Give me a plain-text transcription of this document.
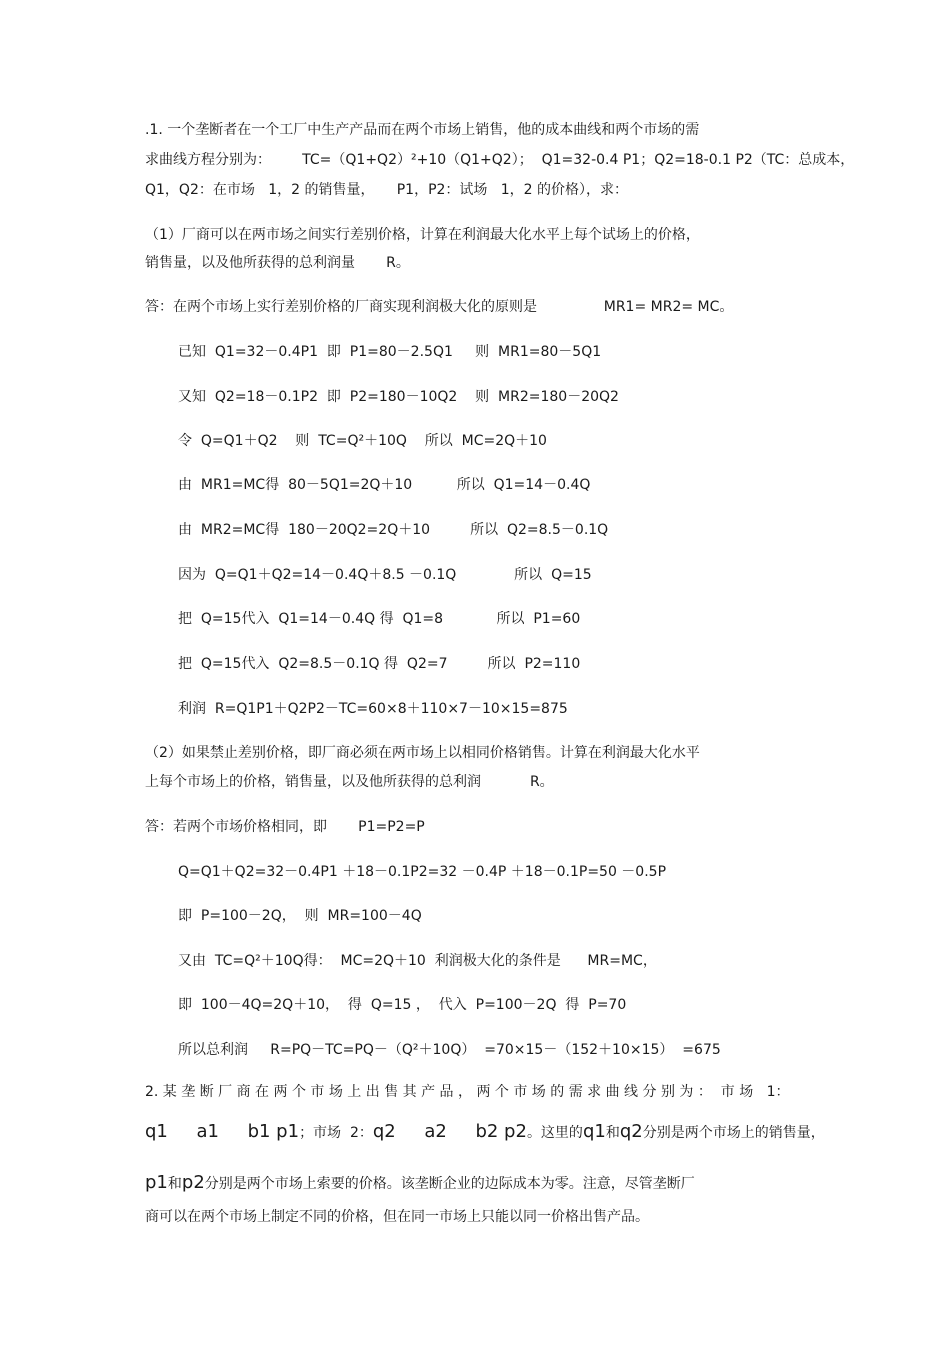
.1. 一个垄断者在一个工厂中生产产品而在两个市场上销售，他的成本曲线和两个市场的需

求曲线方程分别为：       TC=（Q1+Q2）²+10（Q1+Q2）；  Q1=32-0.4 P1；Q2=18-0.1 P2（TC：总成本，

Q1，Q2：在市场   1，2 的销售量，     P1，P2：试场   1，2 的价格），求：

（1）厂商可以在两市场之间实行差别价格，计算在利润最大化水平上每个试场上的价格，

销售量，以及他所获得的总利润量       R。

答：在两个市场上实行差别价格的厂商实现利润极大化的原则是               MR1= MR2= MC。

已知  Q1=32－0.4P1  即  P1=80－2.5Q1     则  MR1=80－5Q1

又知  Q2=18－0.1P2  即  P2=180－10Q2    则  MR2=180－20Q2

令  Q=Q1＋Q2    则  TC=Q²＋10Q    所以  MC=2Q＋10

由  MR1=MC得  80－5Q1=2Q＋10          所以  Q1=14－0.4Q

由  MR2=MC得  180－20Q2=2Q＋10         所以  Q2=8.5－0.1Q

因为  Q=Q1＋Q2=14－0.4Q＋8.5 －0.1Q             所以  Q=15

把  Q=15代入  Q1=14－0.4Q 得  Q1=8            所以  P1=60

把  Q=15代入  Q2=8.5－0.1Q 得  Q2=7         所以  P2=110

利润  R=Q1P1＋Q2P2－TC=60×8＋110×7－10×15=875

（2）如果禁止差别价格，即厂商必须在两市场上以相同价格销售。计算在利润最大化水平

上每个市场上的价格，销售量，以及他所获得的总利润           R。

答：若两个市场价格相同，即       P1=P2=P

Q=Q1＋Q2=32－0.4P1 ＋18－0.1P2=32 －0.4P ＋18－0.1P=50 －0.5P

即  P=100－2Q，  则  MR=100－4Q

又由  TC=Q²＋10Q得：  MC=2Q＋10  利润极大化的条件是      MR=MC，

即  100－4Q=2Q＋10，  得  Q=15 ，  代入  P=100－2Q  得  P=70

所以总利润     R=PQ－TC=PQ－（Q²＋10Q）  =70×15－（152＋10×15）  =675

2. 某 垄 断 厂 商 在 两 个 市 场 上 出 售 其 产 品 ， 两 个 市 场 的 需 求 曲 线 分 别 为 ：  市 场   1：

q1     a1     b1 p1；市场  2：q2     a2     b2 p2。这里的q1和q2分别是两个市场上的销售量，

p1和p2分别是两个市场上索要的价格。该垄断企业的边际成本为零。注意，尽管垄断厂

商可以在两个市场上制定不同的价格，但在同一市场上只能以同一价格出售产品。
